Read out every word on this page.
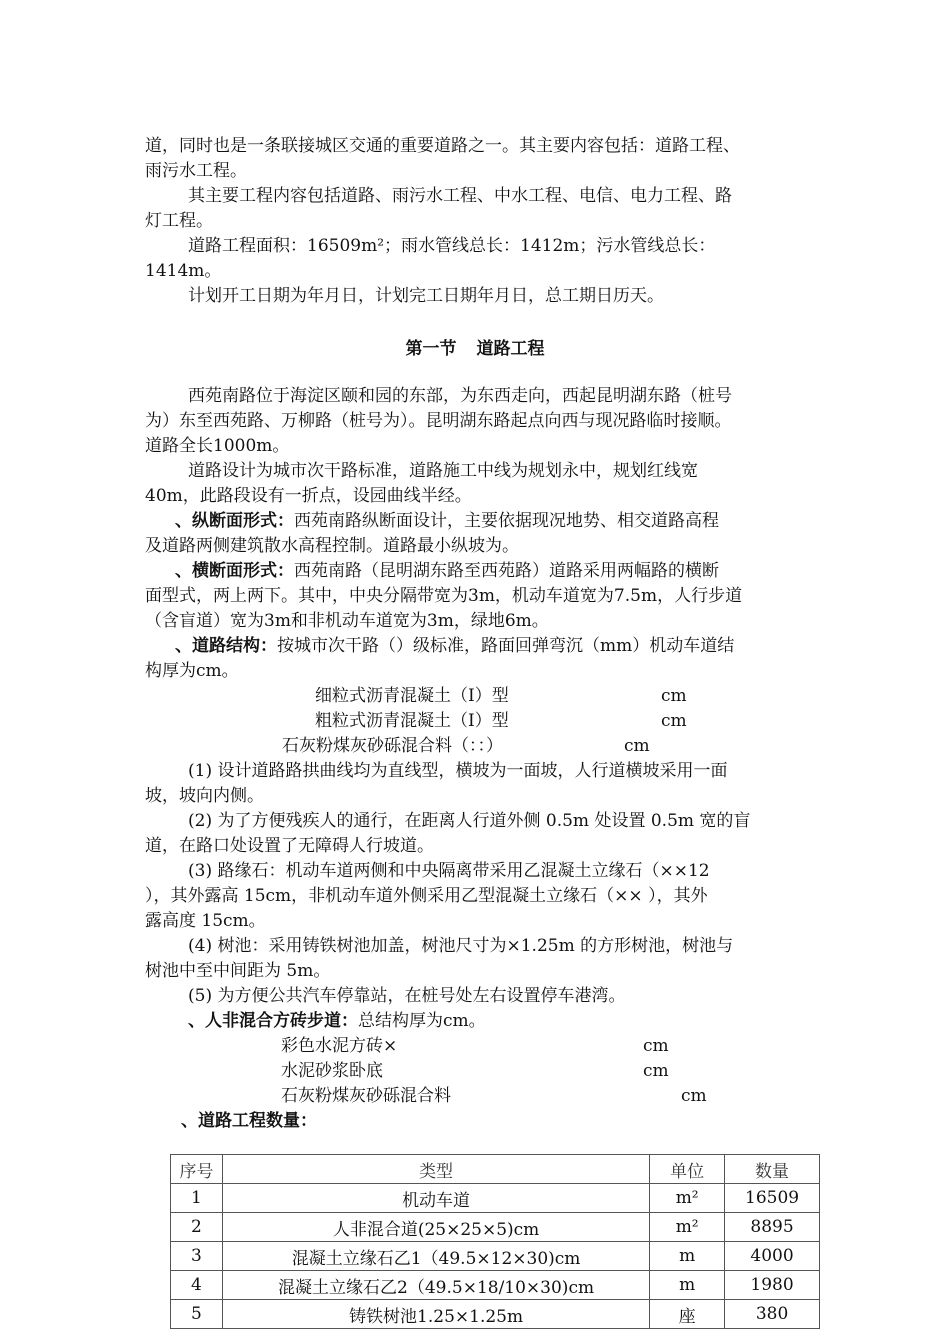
道，同时也是一条联接城区交通的重要道路之一。其主要内容包括：道路工程、
雨污水工程。
其主要工程内容包括道路、雨污水工程、中水工程、电信、电力工程、路
灯工程。
道路工程面积：16509m²；雨水管线总长：1412m；污水管线总长：
1414m。
计划开工日期为年月日，计划完工日期年月日，总工期日历天。
第一节 道路工程
西苑南路位于海淀区颐和园的东部，为东西走向，西起昆明湖东路（桩号
为）东至西苑路、万柳路（桩号为）。昆明湖东路起点向西与现况路临时接顺。
道路全长1000m。
道路设计为城市次干路标准，道路施工中线为规划永中，规划红线宽
40m，此路段设有一折点，设园曲线半经。
、纵断面形式：西苑南路纵断面设计，主要依据现况地势、相交道路高程
及道路两侧建筑散水高程控制。道路最小纵坡为。
、横断面形式：西苑南路（昆明湖东路至西苑路）道路采用两幅路的横断
面型式，两上两下。其中，中央分隔带宽为3m，机动车道宽为7.5m，人行步道
（含盲道）宽为3m和非机动车道宽为3m，绿地6m。
、道路结构：按城市次干路（）级标准，路面回弹弯沉（mm）机动车道结
构厚为cm。
细粒式沥青混凝土（Ⅰ）型	cm
粗粒式沥青混凝土（Ⅰ）型	cm
石灰粉煤灰砂砾混合料（：：）	cm
(1) 设计道路路拱曲线均为直线型，横坡为一面坡，人行道横坡采用一面
坡，坡向内侧。
(2) 为了方便残疾人的通行，在距离人行道外侧 0.5m 处设置 0.5m 宽的盲
道，在路口处设置了无障碍人行坡道。
(3) 路缘石：机动车道两侧和中央隔离带采用乙混凝土立缘石（××12
），其外露高 15cm，非机动车道外侧采用乙型混凝土立缘石（×× ），其外
露高度 15cm。
(4) 树池：采用铸铁树池加盖，树池尺寸为×1.25m 的方形树池，树池与
树池中至中间距为 5m。
(5) 为方便公共汽车停靠站，在桩号处左右设置停车港湾。
、人非混合方砖步道：总结构厚为cm。
彩色水泥方砖×	cm
水泥砂浆卧底	cm
石灰粉煤灰砂砾混合料	cm
、道路工程数量：
序号	类型	单位	数量
1	机动车道	m²	16509
2	人非混合道(25×25×5)cm	m²	8895
3	混凝土立缘石乙1（49.5×12×30)cm	m	4000
4	混凝土立缘石乙2（49.5×18/10×30)cm	m	1980
5	铸铁树池1.25×1.25m	座	380
